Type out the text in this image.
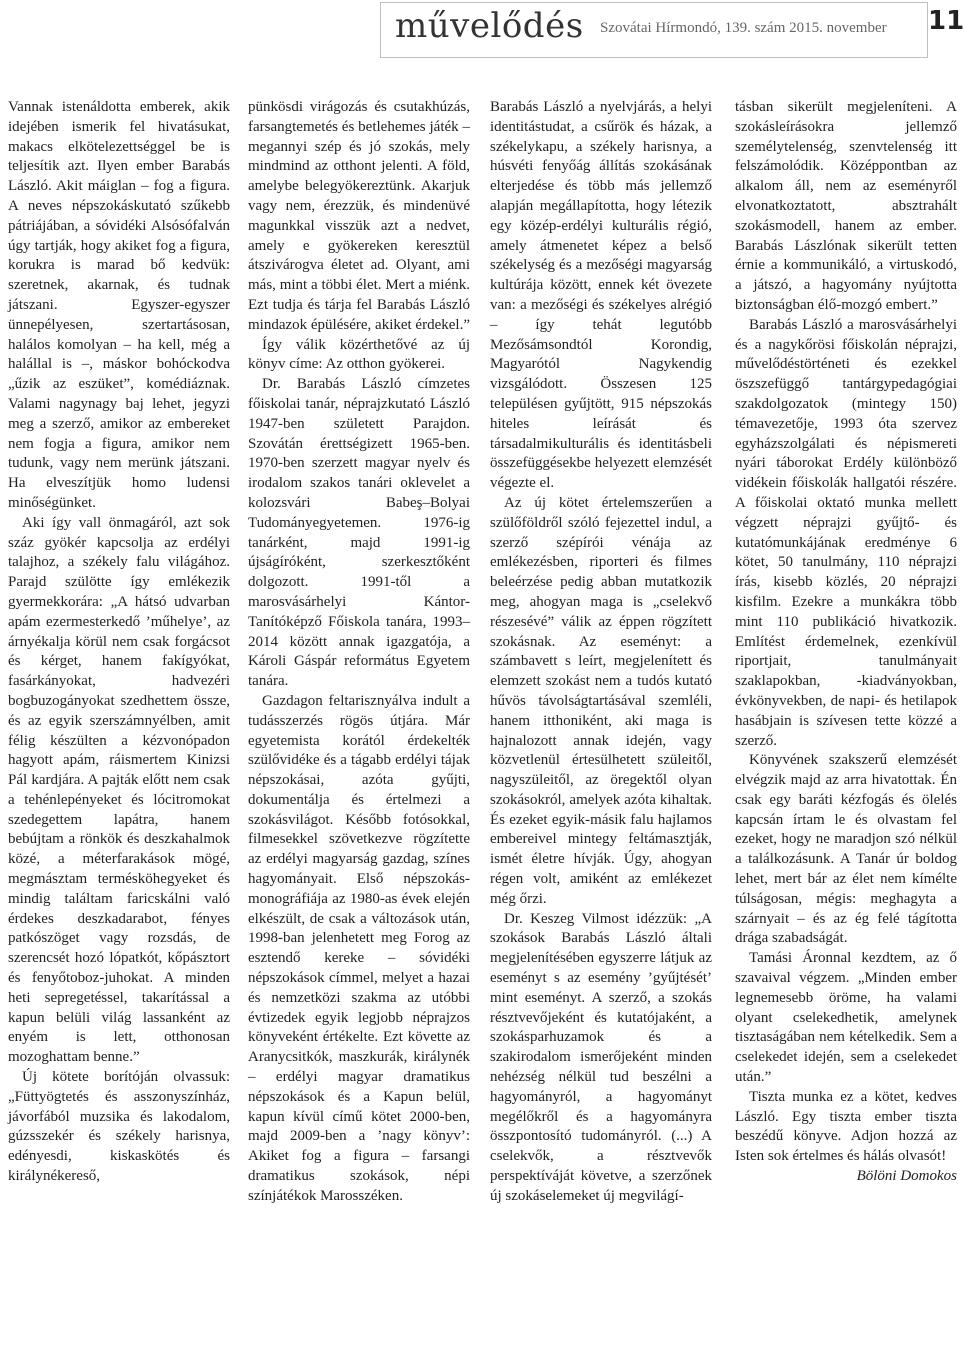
művelődés Szovátai Hírmondó, 139. szám 2015. november 11

Vannak istenáldotta emberek, akik idejében ismerik fel hivatásukat, makacs elkötelezettséggel be is teljesítik azt. Ilyen ember Barabás László. Akit máiglan – fog a figura. A neves népszokáskutató szűkebb pátriájában, a sóvidéki Alsósófalván úgy tartják, hogy akiket fog a figura, korukra is marad bő kedvük: szeretnek, akarnak, és tudnak játszani. Egyszer-egyszer ünnepélyesen, szertartásosan, halálos komolyan – ha kell, még a halállal is –, máskor bohóckodva „űzik az eszüket”, komédiáznak. Valami nagynagy baj lehet, jegyzi meg a szerző, amikor az embereket nem fogja a figura, amikor nem tudunk, vagy nem merünk játszani. Ha elveszítjük homo ludensi minőségünket.

Aki így vall önmagáról, azt sok száz gyökér kapcsolja az erdélyi talajhoz, a székely falu világához. Parajd szülötte így emlékezik gyermekkorára: „A hátsó udvarban apám ezermesterkedő ’műhelye’, az árnyékalja körül nem csak forgácsot és kérget, hanem fakígyókat, fasárkányokat, hadvezéri bogbuzogányokat szedhettem össze, és az egyik szerszámnyélben, amit félig készülten a kézvonópadon hagyott apám, ráismertem Kinizsi Pál kardjára. A pajták előtt nem csak a tehénlepényeket és lócitromokat szedegettem lapátra, hanem bebújtam a rönkök és deszkahalmok közé, a méterfarakások mögé, megmásztam termésköhegyeket és mindig találtam faricskálni való érdekes deszkadarabot, fényes patkószöget vagy rozsdás, de szerencsét hozó lópatkót, kőpásztort és fenyőtoboz-juhokat. A minden heti sepregetéssel, takarítással a kapun belüli világ lassanként az enyém is lett, otthonosan mozoghattam benne.”

Új kötete borítóján olvassuk: „Füttyögtetés és asszonyszínház, jávorfából muzsika és lakodalom, gúzsszekér és székely harisnya, edényesdi, kiskaskötés és királynékereső,

pünkösdi virágozás és csutakhúzás, farsangtemetés és betlehemes játék – megannyi szép és jó szokás, mely mindmind az otthont jelenti. A föld, amelybe belegyökereztünk. Akarjuk vagy nem, érezzük, és mindenüvé magunkkal visszük azt a nedvet, amely e gyökereken keresztül átszivárogva életet ad. Olyant, ami más, mint a többi élet. Mert a miénk. Ezt tudja és tárja fel Barabás László mindazok épülésére, akiket érdekel.”

Így válik közérthetővé az új könyv címe: Az otthon gyökerei.

Dr. Barabás László címzetes főiskolai tanár, néprajzkutató László 1947-ben született Parajdon. Szovátán érettségizett 1965-ben. 1970-ben szerzett magyar nyelv és irodalom szakos tanári oklevelet a kolozsvári Babeş–Bolyai Tudományegyetemen. 1976-ig tanárként, majd 1991-ig újságíróként, szerkesztőként dolgozott. 1991-től a marosvásárhelyi Kántor-Tanítóképző Főiskola tanára, 1993–2014 között annak igazgatója, a Károli Gáspár református Egyetem tanára.

Gazdagon feltarisznyálva indult a tudásszerzés rögös útjára. Már egyetemista korától érdekelték szülővidéke és a tágabb erdélyi tájak népszokásai, azóta gyűjti, dokumentálja és értelmezi a szokásvilágot. Később fotósokkal, filmesekkel szövetkezve rögzítette az erdélyi magyarság gazdag, színes hagyományait. Első népszokás-monográfiája az 1980-as évek elején elkészült, de csak a változások után, 1998-ban jelenhetett meg Forog az esztendő kereke – sóvidéki népszokások címmel, melyet a hazai és nemzetközi szakma az utóbbi évtizedek egyik legjobb néprajzos könyveként értékelte. Ezt követte az Aranycsitkók, maszkurák, királynék – erdélyi magyar dramatikus népszokások és a Kapun belül, kapun kívül című kötet 2000-ben, majd 2009-ben a ’nagy könyv’: Akiket fog a figura – farsangi dramatikus szokások, népi színjátékok Marosszéken.

Barabás László a nyelvjárás, a helyi identitástudat, a csűrök és házak, a székelykapu, a székely harisnya, a húsvéti fenyőág állítás szokásának elterjedése és több más jellemző alapján megállapította, hogy létezik egy közép-erdélyi kulturális régió, amely átmenetet képez a belső székelység és a mezőségi magyarság kultúrája között, ennek két övezete van: a mezőségi és székelyes alrégió – így tehát legutóbb Mezősámsondtól Korondig, Magyarótól Nagykendig vizsgálódott. Összesen 125 településen gyűjtött, 915 népszokás hiteles leírását és társadalmikulturális és identitásbeli összefüggésekbe helyezett elemzését végezte el.

Az új kötet értelemszerűen a szülőföldről szóló fejezettel indul, a szerző szépírói vénája az emlékezésben, riporteri és filmes beleérzése pedig abban mutatkozik meg, ahogyan maga is „cselekvő részesévé” válik az éppen rögzített szokásnak. Az eseményt: a számbavett s leírt, megjelenített és elemzett szokást nem a tudós kutató hűvös távolságtartásával szemléli, hanem itthoniként, aki maga is hajnalozott annak idején, vagy közvetlenül értesülhetett szüleitől, nagyszüleitől, az öregektől olyan szokásokról, amelyek azóta kihaltak. És ezeket egyik-másik falu hajlamos embereivel mintegy feltámasztják, ismét életre hívják. Úgy, ahogyan régen volt, amiként az emlékezet még őrzi.

Dr. Keszeg Vilmost idézzük: „A szokások Barabás László általi megjelenítésében egyszerre látjuk az eseményt s az esemény ’gyűjtését’ mint eseményt. A szerző, a szokás résztvevőjeként és kutatójaként, a szokásparhuzamok és a szakirodalom ismerőjeként minden nehézség nélkül tud beszélni a hagyományról, a hagyományt megélőkről és a hagyományra összpontosító tudományról. (...) A cselekvők, a résztvevők perspektíváját követve, a szerzőnek új szokáselemeket új megvilágí-

tásban sikerült megjeleníteni. A szokásleírásokra jellemző személytelenség, szenvtelenség itt felszámolódik. Középpontban az alkalom áll, nem az eseményről elvonatkoztatott, absztrahált szokásmodell, hanem az ember. Barabás Lászlónak sikerült tetten érnie a kommunikáló, a virtuskodó, a játszó, a hagyomány nyújtotta biztonságban élő-mozgó embert.”

Barabás László a marosvásárhelyi és a nagykőrösi főiskolán néprajzi, művelődéstörténeti és ezekkel öszszefüggő tantárgypedagógiai szakdolgozatok (mintegy 150) témavezetője, 1993 óta szervez egyházszolgálati és népismereti nyári táborokat Erdély különböző vidékein főiskolák hallgatói részére. A főiskolai oktató munka mellett végzett néprajzi gyűjtő- és kutatómunkájának eredménye 6 kötet, 50 tanulmány, 110 néprajzi írás, kisebb közlés, 20 néprajzi kisfilm. Ezekre a munkákra több mint 110 publikáció hivatkozik. Említést érdemelnek, ezenkívül riportjait, tanulmányait szaklapokban, -kiadványokban, évkönyvekben, de napi- és hetilapok hasábjain is szívesen tette közzé a szerző.

Könyvének szakszerű elemzését elvégzik majd az arra hivatottak. Én csak egy baráti kézfogás és ölelés kapcsán írtam le és olvastam fel ezeket, hogy ne maradjon szó nélkül a találkozásunk. A Tanár úr boldog lehet, mert bár az élet nem kímélte túlságosan, mégis: meghagyta a szárnyait – és az ég felé tágította drága szabadságát.

Tamási Áronnal kezdtem, az ő szavaival végzem. „Minden ember legnemesebb öröme, ha valami olyant cselekedhetik, amelynek tisztaságában nem kételkedik. Sem a cselekedet idején, sem a cselekedet után.”

Tiszta munka ez a kötet, kedves László. Egy tiszta ember tiszta beszédű könyve. Adjon hozzá az Isten sok értelmes és hálás olvasót!

Bölöni Domokos
